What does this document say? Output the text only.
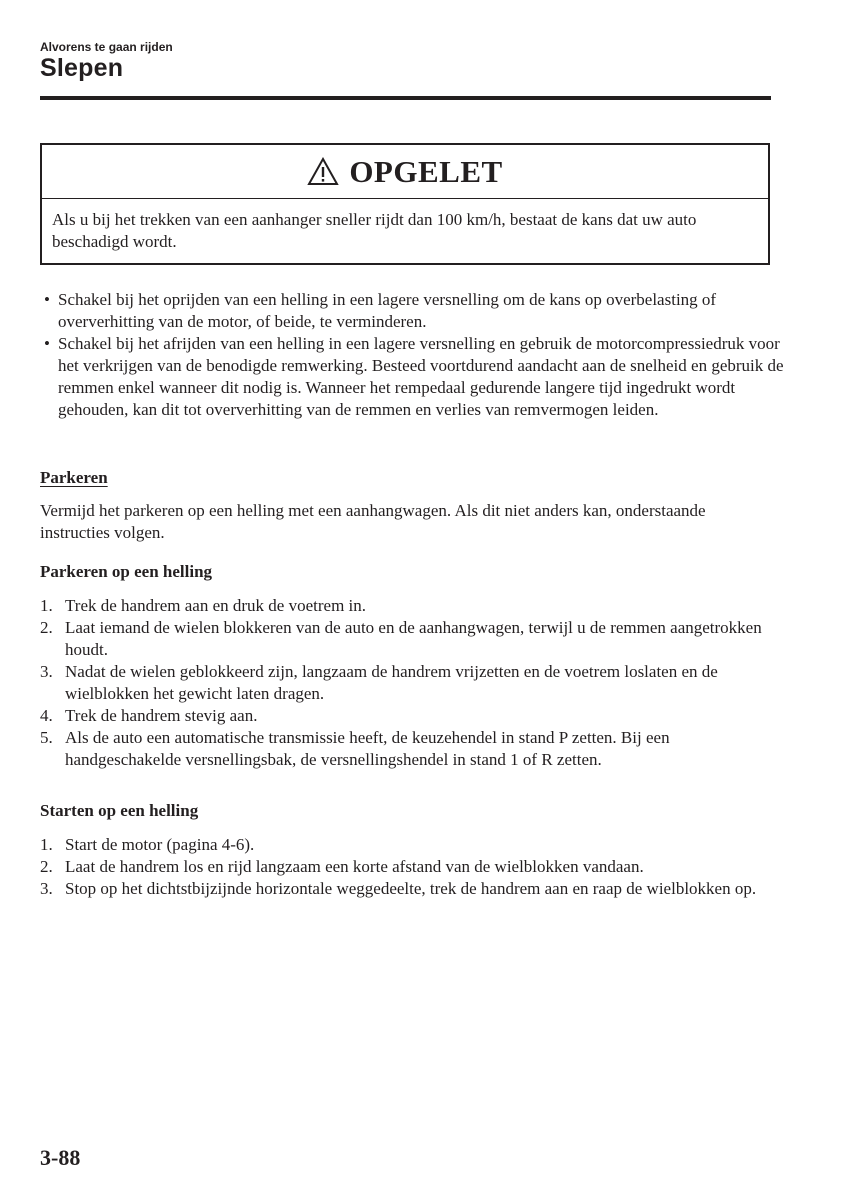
Alvorens te gaan rijden
Slepen
OPGELET
Als u bij het trekken van een aanhanger sneller rijdt dan 100 km/h, bestaat de kans dat uw auto beschadigd wordt.
• Schakel bij het oprijden van een helling in een lagere versnelling om de kans op overbelasting of oververhitting van de motor, of beide, te verminderen.
• Schakel bij het afrijden van een helling in een lagere versnelling en gebruik de motorcompressiedruk voor het verkrijgen van de benodigde remwerking. Besteed voortdurend aandacht aan de snelheid en gebruik de remmen enkel wanneer dit nodig is. Wanneer het rempedaal gedurende langere tijd ingedrukt wordt gehouden, kan dit tot oververhitting van de remmen en verlies van remvermogen leiden.
Parkeren
Vermijd het parkeren op een helling met een aanhangwagen. Als dit niet anders kan, onderstaande instructies volgen.
Parkeren op een helling
1. Trek de handrem aan en druk de voetrem in.
2. Laat iemand de wielen blokkeren van de auto en de aanhangwagen, terwijl u de remmen aangetrokken houdt.
3. Nadat de wielen geblokkeerd zijn, langzaam de handrem vrijzetten en de voetrem loslaten en de wielblokken het gewicht laten dragen.
4. Trek de handrem stevig aan.
5. Als de auto een automatische transmissie heeft, de keuzehendel in stand P zetten. Bij een handgeschakelde versnellingsbak, de versnellingshendel in stand 1 of R zetten.
Starten op een helling
1. Start de motor (pagina 4-6).
2. Laat de handrem los en rijd langzaam een korte afstand van de wielblokken vandaan.
3. Stop op het dichtstbijzijnde horizontale weggedeelte, trek de handrem aan en raap de wielblokken op.
3-88
